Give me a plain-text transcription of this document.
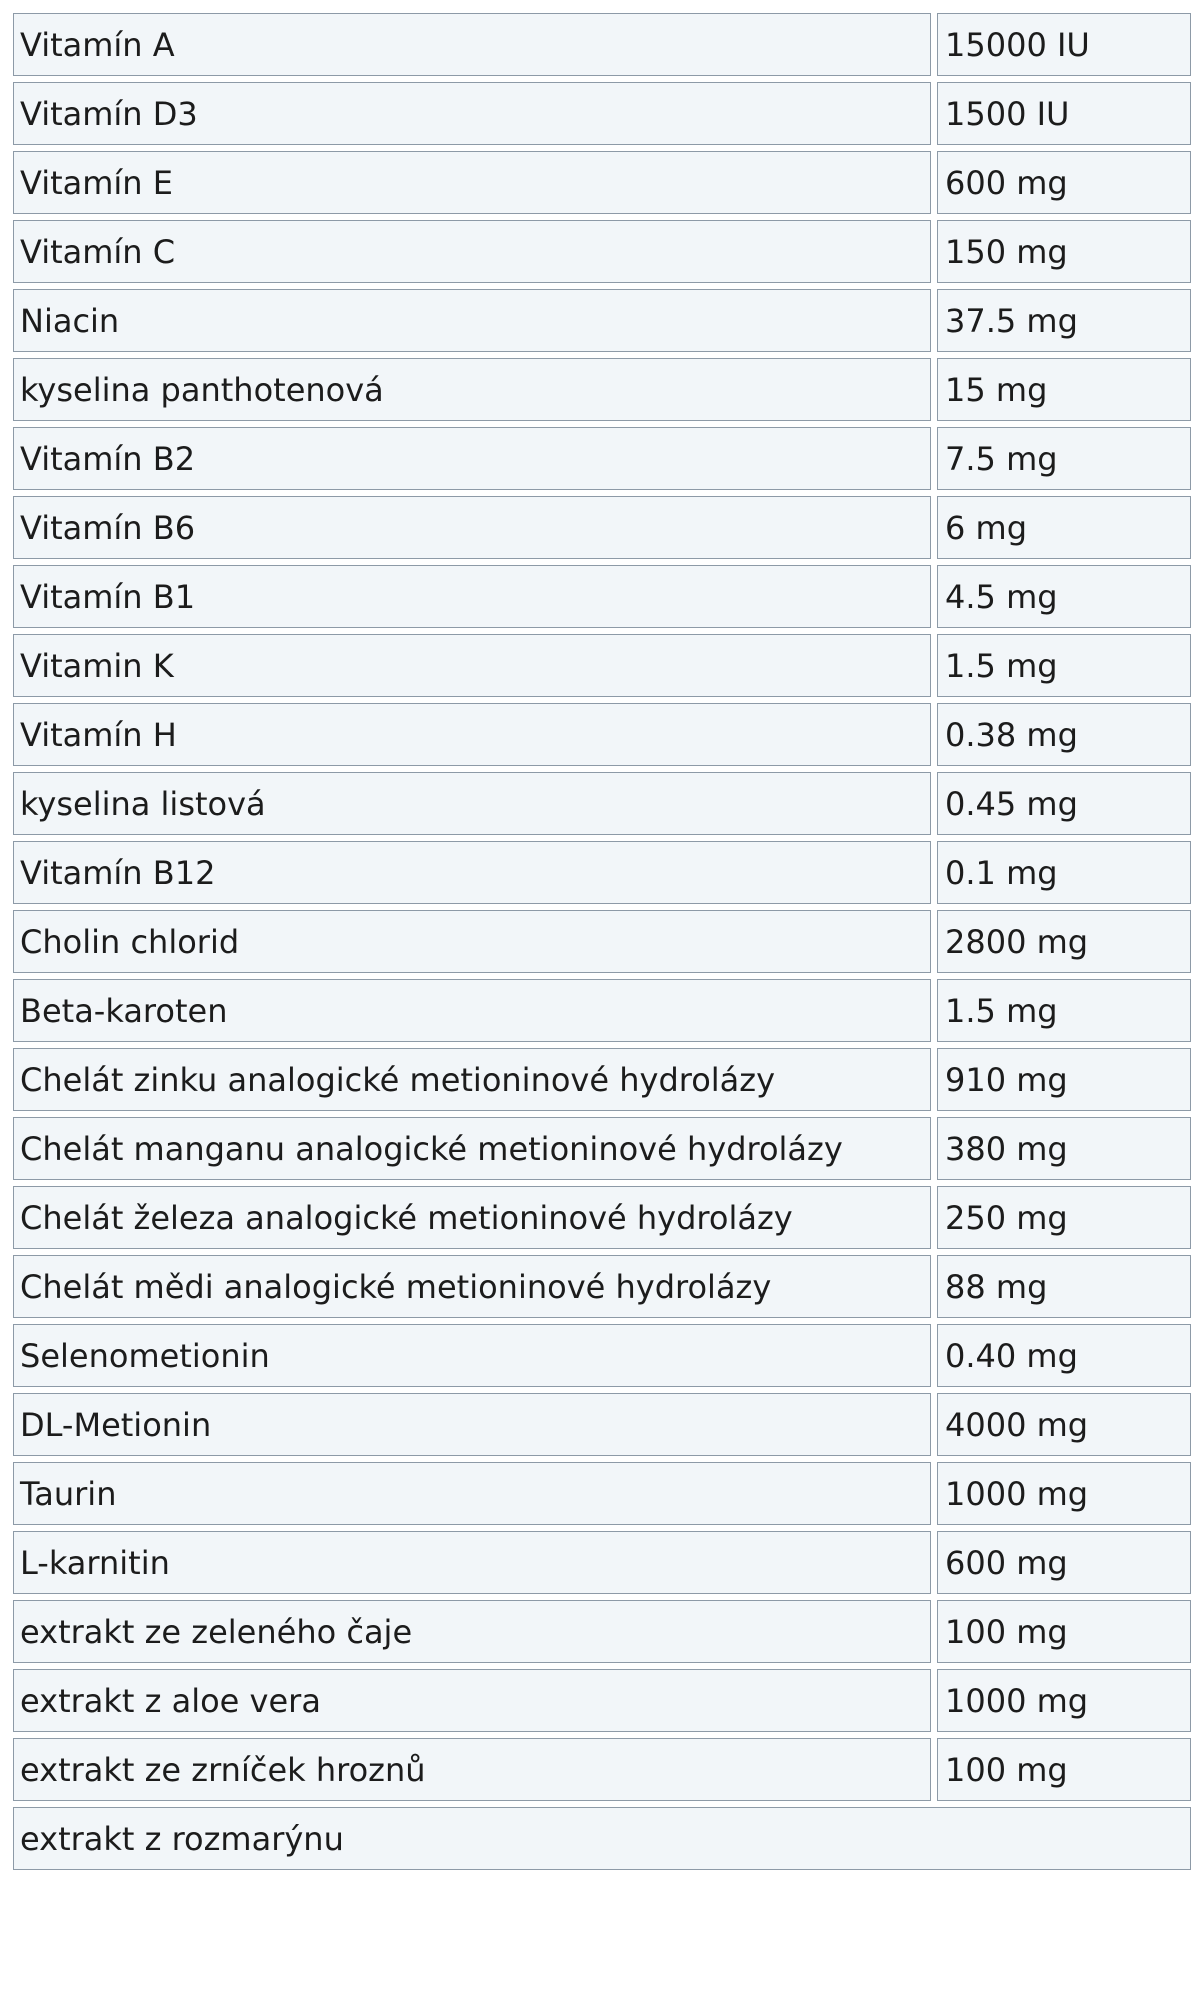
Vitamín A	15000 IU
Vitamín D3	1500 IU
Vitamín E	600 mg
Vitamín C	150 mg
Niacin	37.5 mg
kyselina panthotenová	15 mg
Vitamín B2	7.5 mg
Vitamín B6	6 mg
Vitamín B1	4.5 mg
Vitamin K	1.5 mg
Vitamín H	0.38 mg
kyselina listová	0.45 mg
Vitamín B12	0.1 mg
Cholin chlorid	2800 mg
Beta-karoten	1.5 mg
Chelát zinku analogické metioninové hydrolázy	910 mg
Chelát manganu analogické metioninové hydrolázy	380 mg
Chelát železa analogické metioninové hydrolázy	250 mg
Chelát mědi analogické metioninové hydrolázy	88 mg
Selenometionin	0.40 mg
DL-Metionin	4000 mg
Taurin	1000 mg
L-karnitin	600 mg
extrakt ze zeleného čaje	100 mg
extrakt z aloe vera	1000 mg
extrakt ze zrníček hroznů	100 mg
extrakt z rozmarýnu	
